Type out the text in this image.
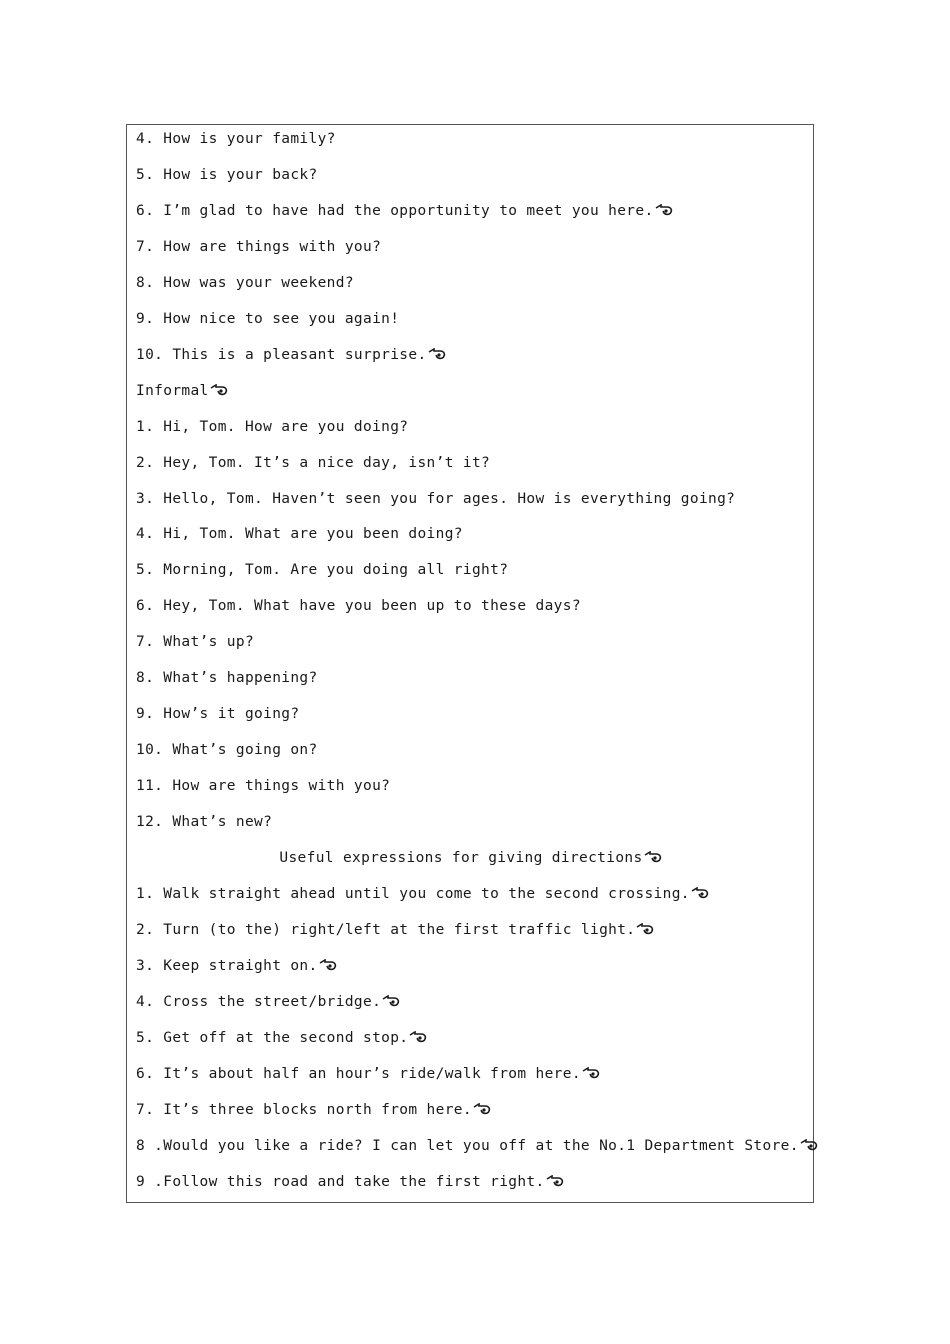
4. How is your family?
5. How is your back?
6. I’m glad to have had the opportunity to meet you here.
7. How are things with you?
8. How was your weekend?
9. How nice to see you again!
10. This is a pleasant surprise.
Informal
1. Hi, Tom. How are you doing?
2. Hey, Tom. It’s a nice day, isn’t it?
3. Hello, Tom. Haven’t seen you for ages. How is everything going?
4. Hi, Tom. What are you been doing?
5. Morning, Tom. Are you doing all right?
6. Hey, Tom. What have you been up to these days?
7. What’s up?
8. What’s happening?
9. How’s it going?
10. What’s going on?
11. How are things with you?
12. What’s new?
Useful expressions for giving directions
1. Walk straight ahead until you come to the second crossing.
2. Turn (to the) right/left at the first traffic light.
3. Keep straight on.
4. Cross the street/bridge.
5. Get off at the second stop.
6. It’s about half an hour’s ride/walk from here.
7. It’s three blocks north from here.
8 .Would you like a ride? I can let you off at the No.1 Department Store.
9 .Follow this road and take the first right.
